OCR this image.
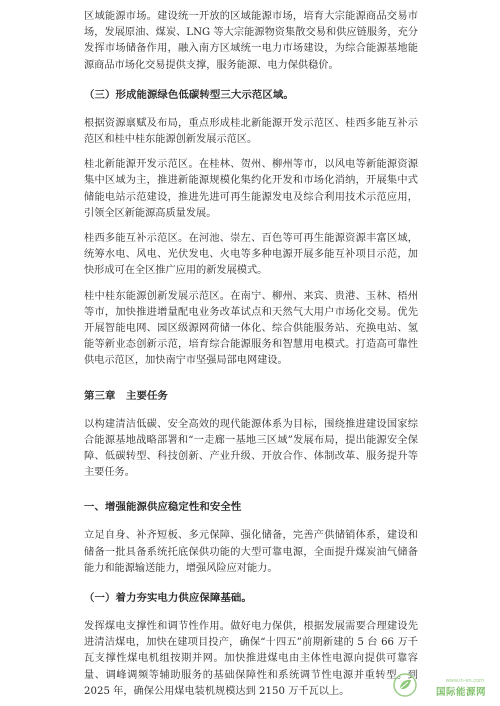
区域能源市场。建设统一开放的区域能源市场，培育大宗能源商品交易市场，发展原油、煤炭、LNG 等大宗能源物资集散交易和供应链服务，充分发挥市场储备作用，融入南方区域统一电力市场建设，为综合能源基地能源商品市场化交易提供支撑，服务能源、电力保供稳价。

（三）形成能源绿色低碳转型三大示范区域。

根据资源禀赋及布局，重点形成桂北新能源开发示范区、桂西多能互补示范区和桂中桂东能源创新发展示范区。

桂北新能源开发示范区。在桂林、贺州、柳州等市，以风电等新能源资源集中区域为主，推进新能源规模化集约化开发和市场化消纳，开展集中式储能电站示范建设，推进先进可再生能源发电及综合利用技术示范应用，引领全区新能源高质量发展。

桂西多能互补示范区。在河池、崇左、百色等可再生能源资源丰富区域，统筹水电、风电、光伏发电、火电等多种电源开展多能互补项目示范，加快形成可在全区推广应用的新发展模式。

桂中桂东能源创新发展示范区。在南宁、柳州、来宾、贵港、玉林、梧州等市，加快推进增量配电业务改革试点和天然气大用户市场化交易。优先开展智能电网、园区级源网荷储一体化、综合供能服务站、充换电站、氢能等新业态创新示范，培育综合能源服务和智慧用电模式。打造高可靠性供电示范区，加快南宁市坚强局部电网建设。

第三章　主要任务

以构建清洁低碳、安全高效的现代能源体系为目标，围绕推进建设国家综合能源基地战略部署和“一走廊一基地三区域”发展布局，提出能源安全保障、低碳转型、科技创新、产业升级、开放合作、体制改革、服务提升等主要任务。

一、增强能源供应稳定性和安全性

立足自身、补齐短板、多元保障、强化储备，完善产供储销体系，建设和储备一批具备系统托底保供功能的大型可靠电源，全面提升煤炭油气储备能力和能源输送能力，增强风险应对能力。

（一）着力夯实电力供应保障基础。

发挥煤电支撑性和调节性作用。做好电力保供，根据发展需要合理建设先进清洁煤电，加快在建项目投产，确保“十四五”前期新建的 5 台 66 万千瓦支撑性煤电机组按期并网。加快推进煤电由主体性电源向提供可靠容量、调峰调频等辅助服务的基础保障性和系统调节性电源并重转型。到 2025 年，确保公用煤电装机规模达到 2150 万千瓦以上。

www.in-en.com
国际能源网
